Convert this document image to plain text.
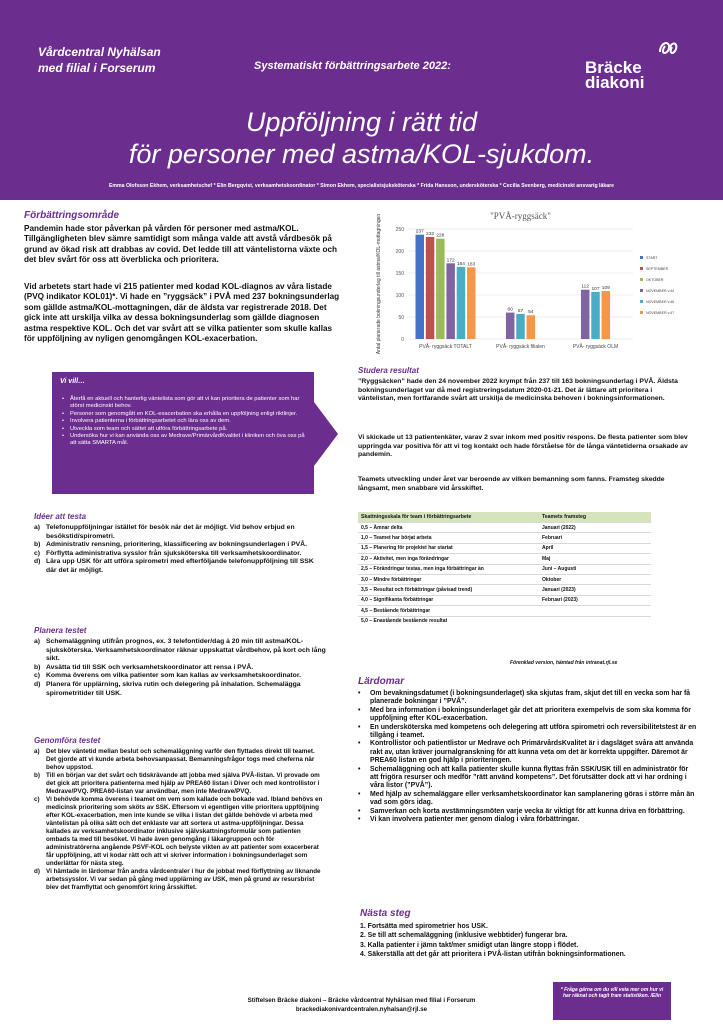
Vårdcentral Nyhälsan
med filial i Forserum	Systematiskt förbättringsarbete 2022:	Bräcke
diakoni
Uppföljning i rätt tid
för personer med astma/KOL-sjukdom.
Emma Olofsson Ekhem, verksamhetschef * Elin Bergqvist, verksamhetskoordinator * Simon Ekhem, specialistsjuksköterska * Frida Hansson, undersköterska * Cecilia Svenberg, medicinskt ansvarig läkare
Förbättringsområde
Pandemin hade stor påverkan på vården för personer med astma/KOL. Tillgängligheten blev sämre samtidigt som många valde att avstå vårdbesök på grund av ökad risk att drabbas av covid. Det ledde till att väntelistorna växte och det blev svårt för oss att överblicka och prioritera.
Vid arbetets start hade vi 215 patienter med kodad KOL-diagnos av våra listade (PVQ indikator KOL01)*. Vi hade en ”ryggsäck” i PVÅ med 237 bokningsunderlag som gällde astma/KOL-mottagningen, där de äldsta var registrerade 2018. Det gick inte att urskilja vilka av dessa bokningsunderlag som gällde diagnosen astma respektive KOL. Och det var svårt att se vilka patienter som skulle kallas för uppföljning av nyligen genomgången KOL-exacerbation.
"PVÅ-ryggsäck"
0
50
100
150
200
250
Antal planerade bokningsunderlag till astma/KOL-mottagningen	237 232 228
172
164 163
PVÅ- ryggsäck TOTALT
60 57 54
PVÅ- ryggsäck filialen
112 107 109
PVÅ- ryggsäck OLM
START
SEPTEMBER
OKTOBER
NOVEMBER v.44
NOVEMBER v.46
NOVEMBER v.47
Vi vill…
• Återfå en aktuell och hanterlig väntelista som gör att vi kan prioritera de patienter som har störst medicinskt behov.
• Personer som genomgått en KOL-exacerbation ska erhålla en uppföljning enligt riktlinjer.
• Involvera patienterna i förbättringsarbetet och lära oss av dem.
• Utveckla som team och sättet att utföra förbättringsarbete på.
• Undersöka hur vi kan använda oss av Medrave/PrimärvårdKvalitet i kliniken och öva oss på att sätta SMARTA mål.
Studera resultat
”Ryggsäcken” hade den 24 november 2022 krympt från 237 till 163 bokningsunderlag i PVÅ. Äldsta bokningsunderlaget var då med registreringsdatum 2020-01-21. Det är lättare att prioritera i väntelistan, men fortfarande svårt att urskilja de medicinska behoven i bokningsinformationen.
Vi skickade ut 13 patientenkäter, varav 2 svar inkom med positiv respons. De flesta patienter som blev uppringda var positiva för att vi tog kontakt och hade förståelse för de långa väntetiderna orsakade av pandemin.
Teamets utveckling under året var beroende av vilken bemanning som fanns. Framsteg skedde långsamt, men snabbare vid årsskiftet.
Idéer att testa
a) Telefonuppföljningar istället för besök när det är möjligt. Vid behov erbjud en besökstid/spirometri.
b) Administrativ rensning, prioritering, klassificering av bokningsunderlagen i PVÅ.
c) Förflytta administrativa sysslor från sjuksköterska till verksamhetskoordinator.
d) Lära upp USK för att utföra spirometri med efterföljande telefonuppföljning till SSK där det är möjligt.
Planera testet
a) Schemaläggning utifrån prognos, ex. 3 telefontider/dag á 20 min till astma/KOL-sjuksköterska. Verksamhetskoordinator räknar uppskattat vårdbehov, på kort och lång sikt.
b) Avsätta tid till SSK och verksamhetskoordinator att rensa i PVÅ.
c) Komma överens om vilka patienter som kan kallas av verksamhetskoordinator.
d) Planera för upplärning, skriva rutin och delegering på inhalation. Schemalägga spirometritider till USK.
Genomföra testet
a) Det blev väntetid mellan beslut och schemaläggning varför den flyttades direkt till teamet. Det gjorde att vi kunde arbeta behovsanpassat. Bemanningsfrågor togs med cheferna när behov uppstod.
b) Till en början var det svårt och tidskrävande att jobba med själva PVÅ-listan. Vi provade om det gick att prioritera patienterna med hjälp av PREA60 listan i Diver och med kontrollistor i Medrave/PVQ. PREA60-listan var användbar, men inte Medrave/PVQ.
c) Vi behövde komma överens i teamet om vem som kallade och bokade vad. Ibland behövs en medicinsk prioritering som sköts av SSK. Eftersom vi egentligen ville prioritera uppföljning efter KOL-exacerbation, men inte kunde se vilka i listan det gällde behövde vi arbeta med väntelistan på olika sätt och det enklaste var att sortera ut astma-uppföljningar. Dessa kallades av verksamhetskoordinator inklusive självskattningsformulär som patienten ombads ta med till besöket. Vi hade även genomgång i läkargruppen och för administratörerna angående PSVF-KOL och belyste vikten av att patienter som exacerberat får uppföljning, att vi kodar rätt och att vi skriver information i bokningsunderlaget som underlättar för nästa steg.
d) Vi hämtade in lärdomar från andra vårdcentraler i hur de jobbat med förflyttning av liknande arbetssysslor. Vi var sedan på gång med upplärning av USK, men på grund av resursbrist blev det framflyttat och genomfört kring årsskiftet.
Skattningsskala för team i förbättringsarbete	Teamets framsteg
0,5 – Ämnar delta	Januari (2022)
1,0 – Teamet har börjat arbeta	Februari
1,5 – Planering för projektet har startat	April
2,0 – Aktivitet, men inga förändringar	Maj
2,5 – Förändringar testas, men inga förbättringar än	Juni – Augusti
3,0 – Mindre förbättringar	Oktober
3,5 – Resultat och förbättringar (påvisad trend)	Januari (2023)
4,0 – Signifikanta förbättringar	Februari (2023)
4,5 – Bestående förbättringar	
5,0 – Enastående bestående resultat	
Förenklad version, hämtad från intranat.rjl.se
Lärdomar
• Om bevakningsdatumet (i bokningsunderlaget) ska skjutas fram, skjut det till en vecka som har få planerade bokningar i ”PVÅ”.
• Med bra information i bokningsunderlaget går det att prioritera exempelvis de som ska komma för uppföljning efter KOL-exacerbation.
• En undersköterska med kompetens och delegering att utföra spirometri och reversibilitetstest är en tillgång i teamet.
• Kontrollistor och patientlistor ur Medrave och PrimärvårdsKvalitet är i dagsläget svåra att använda rakt av, utan kräver journalgranskning för att kunna veta om det är korrekta uppgifter. Däremot är PREA60 listan en god hjälp i prioriteringen.
• Schemaläggning och att kalla patienter skulle kunna flyttas från SSK/USK till en administratör för att frigöra resurser och medför ”rätt använd kompetens”. Det förutsätter dock att vi har ordning i våra listor (”PVÅ”).
• Med hjälp av schemaläggare eller verksamhetskoordinator kan samplanering göras i större mån än vad som görs idag.
• Samverkan och korta avstämningsmöten varje vecka är viktigt för att kunna driva en förbättring.
• Vi kan involvera patienter mer genom dialog i våra förbättringar.
Nästa steg
1. Fortsätta med spirometrier hos USK.
2. Se till att schemaläggning (inklusive webbtider) fungerar bra.
3. Kalla patienter i jämn takt/mer smidigt utan längre stopp i flödet.
4. Säkerställa att det går att prioritera i PVÅ-listan utifrån bokningsinformationen.
Stiftelsen Bräcke diakoni – Bräcke vårdcentral Nyhälsan med filial i Forserum
brackediakonivardcentralen.nyhalsan@rjl.se
* Fråga gärna om du vill veta mer om hur vi har räknat och tagit fram statistiken. /Elin
